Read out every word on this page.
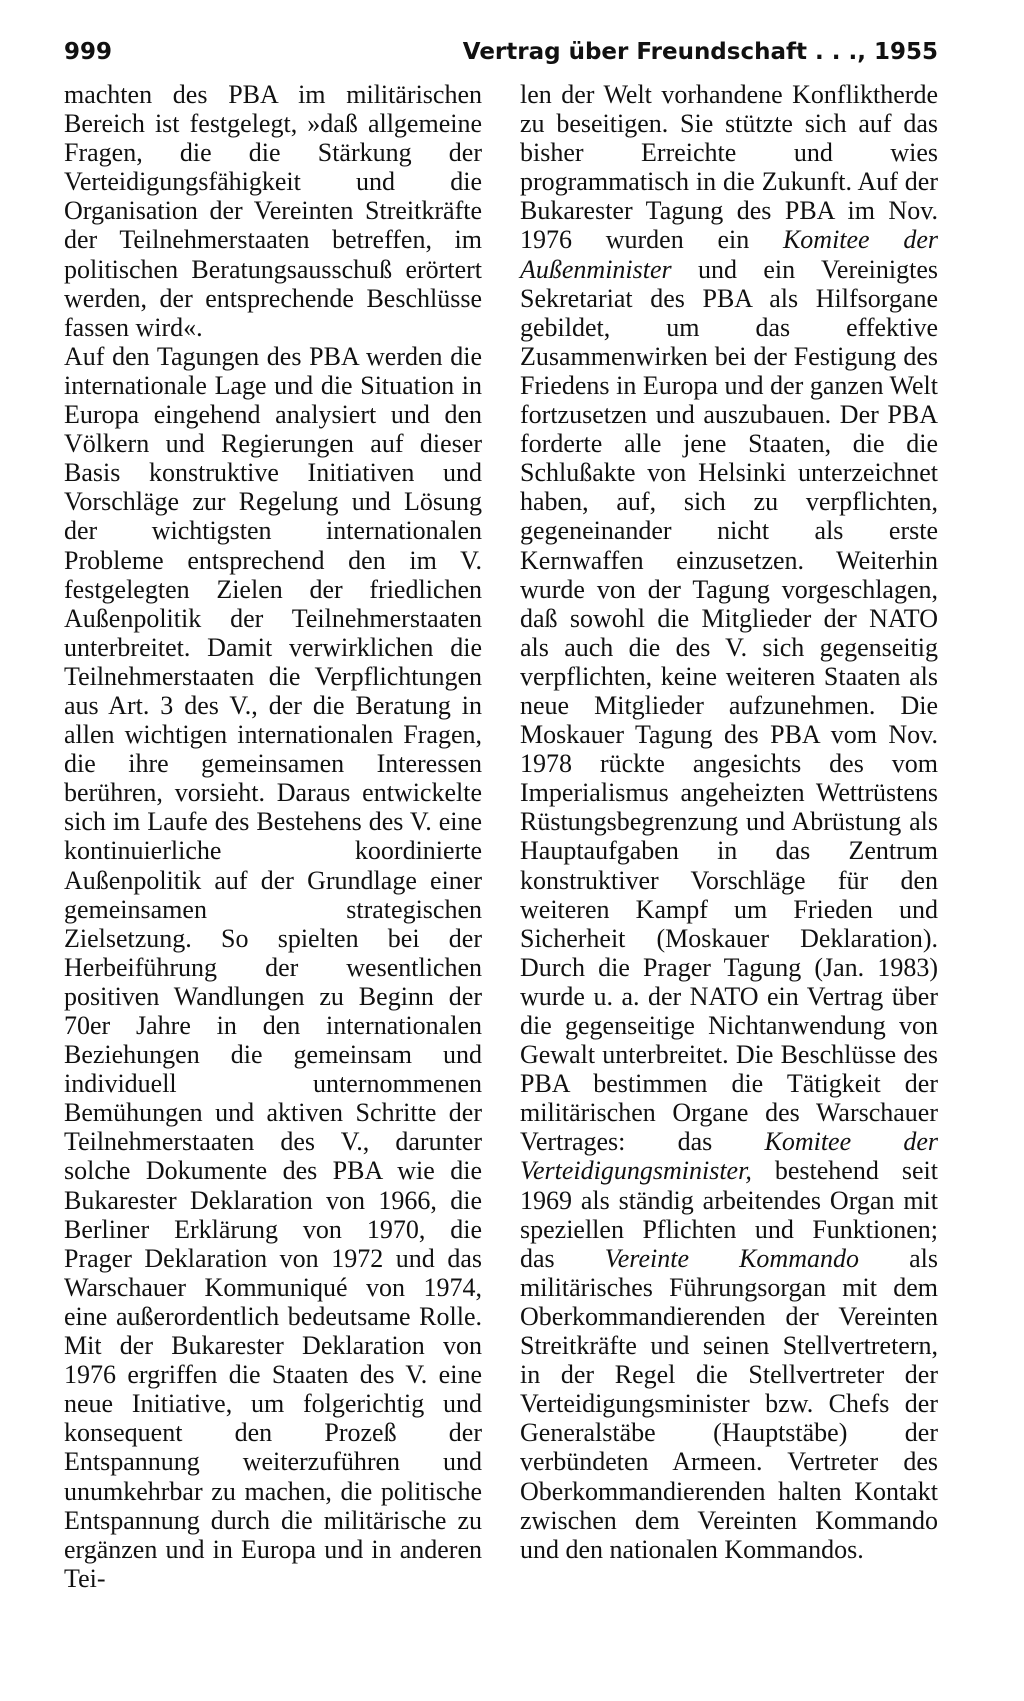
999	Vertrag über Freundschaft . . ., 1955

machten des PBA im militärischen Bereich ist festgelegt, »daß allgemeine Fragen, die die Stärkung der Verteidigungsfähigkeit und die Organisation der Vereinten Streitkräfte der Teilnehmerstaaten betreffen, im politischen Beratungsausschuß erörtert werden, der entsprechende Beschlüsse fassen wird«.

Auf den Tagungen des PBA werden die internationale Lage und die Situation in Europa eingehend analysiert und den Völkern und Regierungen auf dieser Basis konstruktive Initiativen und Vorschläge zur Regelung und Lösung der wichtigsten internationalen Probleme entsprechend den im V. festgelegten Zielen der friedlichen Außenpolitik der Teilnehmerstaaten unterbreitet. Damit verwirklichen die Teilnehmerstaaten die Verpflichtungen aus Art. 3 des V., der die Beratung in allen wichtigen internationalen Fragen, die ihre gemeinsamen Interessen berühren, vorsieht. Daraus entwickelte sich im Laufe des Bestehens des V. eine kontinuierliche koordinierte Außenpolitik auf der Grundlage einer gemeinsamen strategischen Zielsetzung. So spielten bei der Herbeiführung der wesentlichen positiven Wandlungen zu Beginn der 70er Jahre in den internationalen Beziehungen die gemeinsam und individuell unternommenen Bemühungen und aktiven Schritte der Teilnehmerstaaten des V., darunter solche Dokumente des PBA wie die Bukarester Deklaration von 1966, die Berliner Erklärung von 1970, die Prager Deklaration von 1972 und das Warschauer Kommuniqué von 1974, eine außerordentlich bedeutsame Rolle. Mit der Bukarester Deklaration von 1976 ergriffen die Staaten des V. eine neue Initiative, um folgerichtig und konsequent den Prozeß der Entspannung weiterzuführen und unumkehrbar zu machen, die politische Entspannung durch die militärische zu ergänzen und in Europa und in anderen Tei-

len der Welt vorhandene Konfliktherde zu beseitigen. Sie stützte sich auf das bisher Erreichte und wies programmatisch in die Zukunft. Auf der Bukarester Tagung des PBA im Nov. 1976 wurden ein Komitee der Außenminister und ein Vereinigtes Sekretariat des PBA als Hilfsorgane gebildet, um das effektive Zusammenwirken bei der Festigung des Friedens in Europa und der ganzen Welt fortzusetzen und auszubauen. Der PBA forderte alle jene Staaten, die die Schlußakte von Helsinki unterzeichnet haben, auf, sich zu verpflichten, gegeneinander nicht als erste Kernwaffen einzusetzen. Weiterhin wurde von der Tagung vorgeschlagen, daß sowohl die Mitglieder der NATO als auch die des V. sich gegenseitig verpflichten, keine weiteren Staaten als neue Mitglieder aufzunehmen. Die Moskauer Tagung des PBA vom Nov. 1978 rückte angesichts des vom Imperialismus angeheizten Wettrüstens Rüstungsbegrenzung und Abrüstung als Hauptaufgaben in das Zentrum konstruktiver Vorschläge für den weiteren Kampf um Frieden und Sicherheit (Moskauer Deklaration). Durch die Prager Tagung (Jan. 1983) wurde u. a. der NATO ein Vertrag über die gegenseitige Nichtanwendung von Gewalt unterbreitet. Die Beschlüsse des PBA bestimmen die Tätigkeit der militärischen Organe des Warschauer Vertrages: das Komitee der Verteidigungsminister, bestehend seit 1969 als ständig arbeitendes Organ mit speziellen Pflichten und Funktionen; das Vereinte Kommando als militärisches Führungsorgan mit dem Oberkommandierenden der Vereinten Streitkräfte und seinen Stellvertretern, in der Regel die Stellvertreter der Verteidigungsminister bzw. Chefs der Generalstäbe (Hauptstäbe) der verbündeten Armeen. Vertreter des Oberkommandierenden halten Kontakt zwischen dem Vereinten Kommando und den nationalen Kommandos.
